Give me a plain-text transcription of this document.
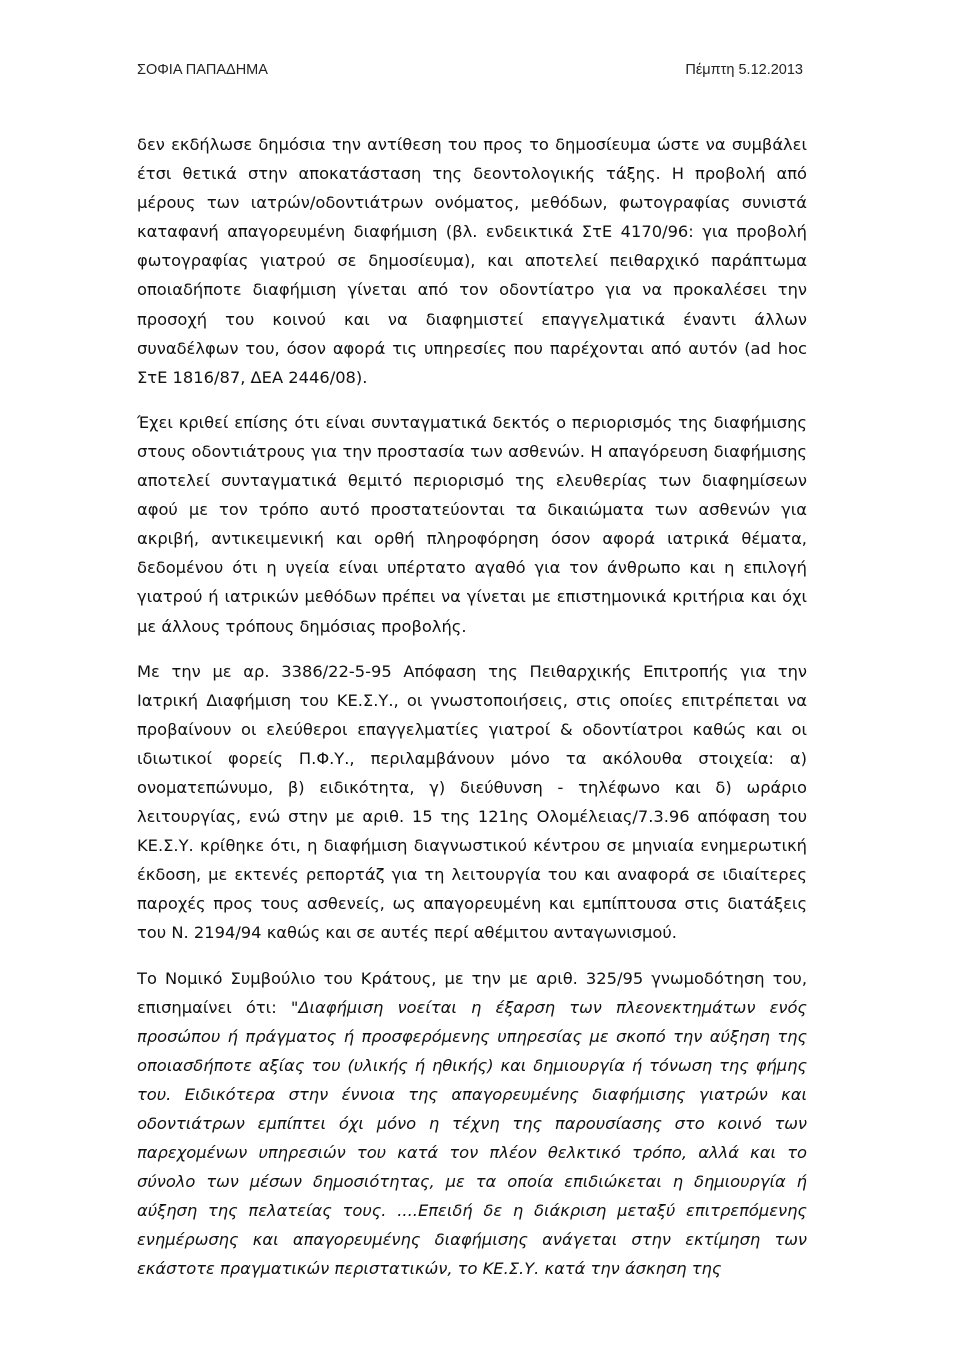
ΣΟΦΙΑ ΠΑΠΑΔΗΜΑ	Πέμπτη 5.12.2013

δεν εκδήλωσε δημόσια την αντίθεση του προς το δημοσίευμα ώστε να συμβάλει έτσι θετικά στην αποκατάσταση της δεοντολογικής τάξης. Η προβολή από μέρους των ιατρών/οδοντιάτρων ονόματος, μεθόδων, φωτογραφίας συνιστά καταφανή απαγορευμένη διαφήμιση (βλ. ενδεικτικά ΣτΕ 4170/96: για προβολή φωτογραφίας γιατρού σε δημοσίευμα), και αποτελεί πειθαρχικό παράπτωμα οποιαδήποτε διαφήμιση γίνεται από τον οδοντίατρο για να προκαλέσει την προσοχή του κοινού και να διαφημιστεί επαγγελματικά έναντι άλλων συναδέλφων του, όσον αφορά τις υπηρεσίες που παρέχονται από αυτόν (ad hoc ΣτΕ 1816/87, ΔΕΑ 2446/08).

Έχει κριθεί επίσης ότι είναι συνταγματικά δεκτός ο περιορισμός της διαφήμισης στους οδοντιάτρους για την προστασία των ασθενών. Η απαγόρευση διαφήμισης αποτελεί συνταγματικά θεμιτό περιορισμό της ελευθερίας των διαφημίσεων αφού με τον τρόπο αυτό προστατεύονται τα δικαιώματα των ασθενών για ακριβή, αντικειμενική και ορθή πληροφόρηση όσον αφορά ιατρικά θέματα, δεδομένου ότι η υγεία είναι υπέρτατο αγαθό για τον άνθρωπο και η επιλογή γιατρού ή ιατρικών μεθόδων πρέπει να γίνεται με επιστημονικά κριτήρια και όχι με άλλους τρόπους δημόσιας προβολής.

Με την με αρ. 3386/22-5-95 Απόφαση της Πειθαρχικής Επιτροπής για την Ιατρική Διαφήμιση του ΚΕ.Σ.Υ., οι γνωστοποιήσεις, στις οποίες επιτρέπεται να προβαίνουν οι ελεύθεροι επαγγελματίες γιατροί & οδοντίατροι καθώς και οι ιδιωτικοί φορείς Π.Φ.Υ., περιλαμβάνουν μόνο τα ακόλουθα στοιχεία: α) ονοματεπώνυμο, β) ειδικότητα, γ) διεύθυνση - τηλέφωνο και δ) ωράριο λειτουργίας, ενώ στην με αριθ. 15 της 121ης Ολομέλειας/7.3.96 απόφαση του ΚΕ.Σ.Υ. κρίθηκε ότι, η διαφήμιση διαγνωστικού κέντρου σε μηνιαία ενημερωτική έκδοση, με εκτενές ρεπορτάζ για τη λειτουργία του και αναφορά σε ιδιαίτερες παροχές προς τους ασθενείς, ως απαγορευμένη και εμπίπτουσα στις διατάξεις του Ν. 2194/94 καθώς και σε αυτές περί αθέμιτου ανταγωνισμού.

Το Νομικό Συμβούλιο του Κράτους, με την με αριθ. 325/95 γνωμοδότηση του, επισημαίνει ότι: "Διαφήμιση νοείται η έξαρση των πλεονεκτημάτων ενός προσώπου ή πράγματος ή προσφερόμενης υπηρεσίας με σκοπό την αύξηση της οποιασδήποτε αξίας του (υλικής ή ηθικής) και δημιουργία ή τόνωση της φήμης του. Ειδικότερα στην έννοια της απαγορευμένης διαφήμισης γιατρών και οδοντιάτρων εμπίπτει όχι μόνο η τέχνη της παρουσίασης στο κοινό των παρεχομένων υπηρεσιών του κατά τον πλέον θελκτικό τρόπο, αλλά και το σύνολο των μέσων δημοσιότητας, με τα οποία επιδιώκεται η δημιουργία ή αύξηση της πελατείας τους. ....Επειδή δε η διάκριση μεταξύ επιτρεπόμενης ενημέρωσης και απαγορευμένης διαφήμισης ανάγεται στην εκτίμηση των εκάστοτε πραγματικών περιστατικών, το ΚΕ.Σ.Υ. κατά την άσκηση της
